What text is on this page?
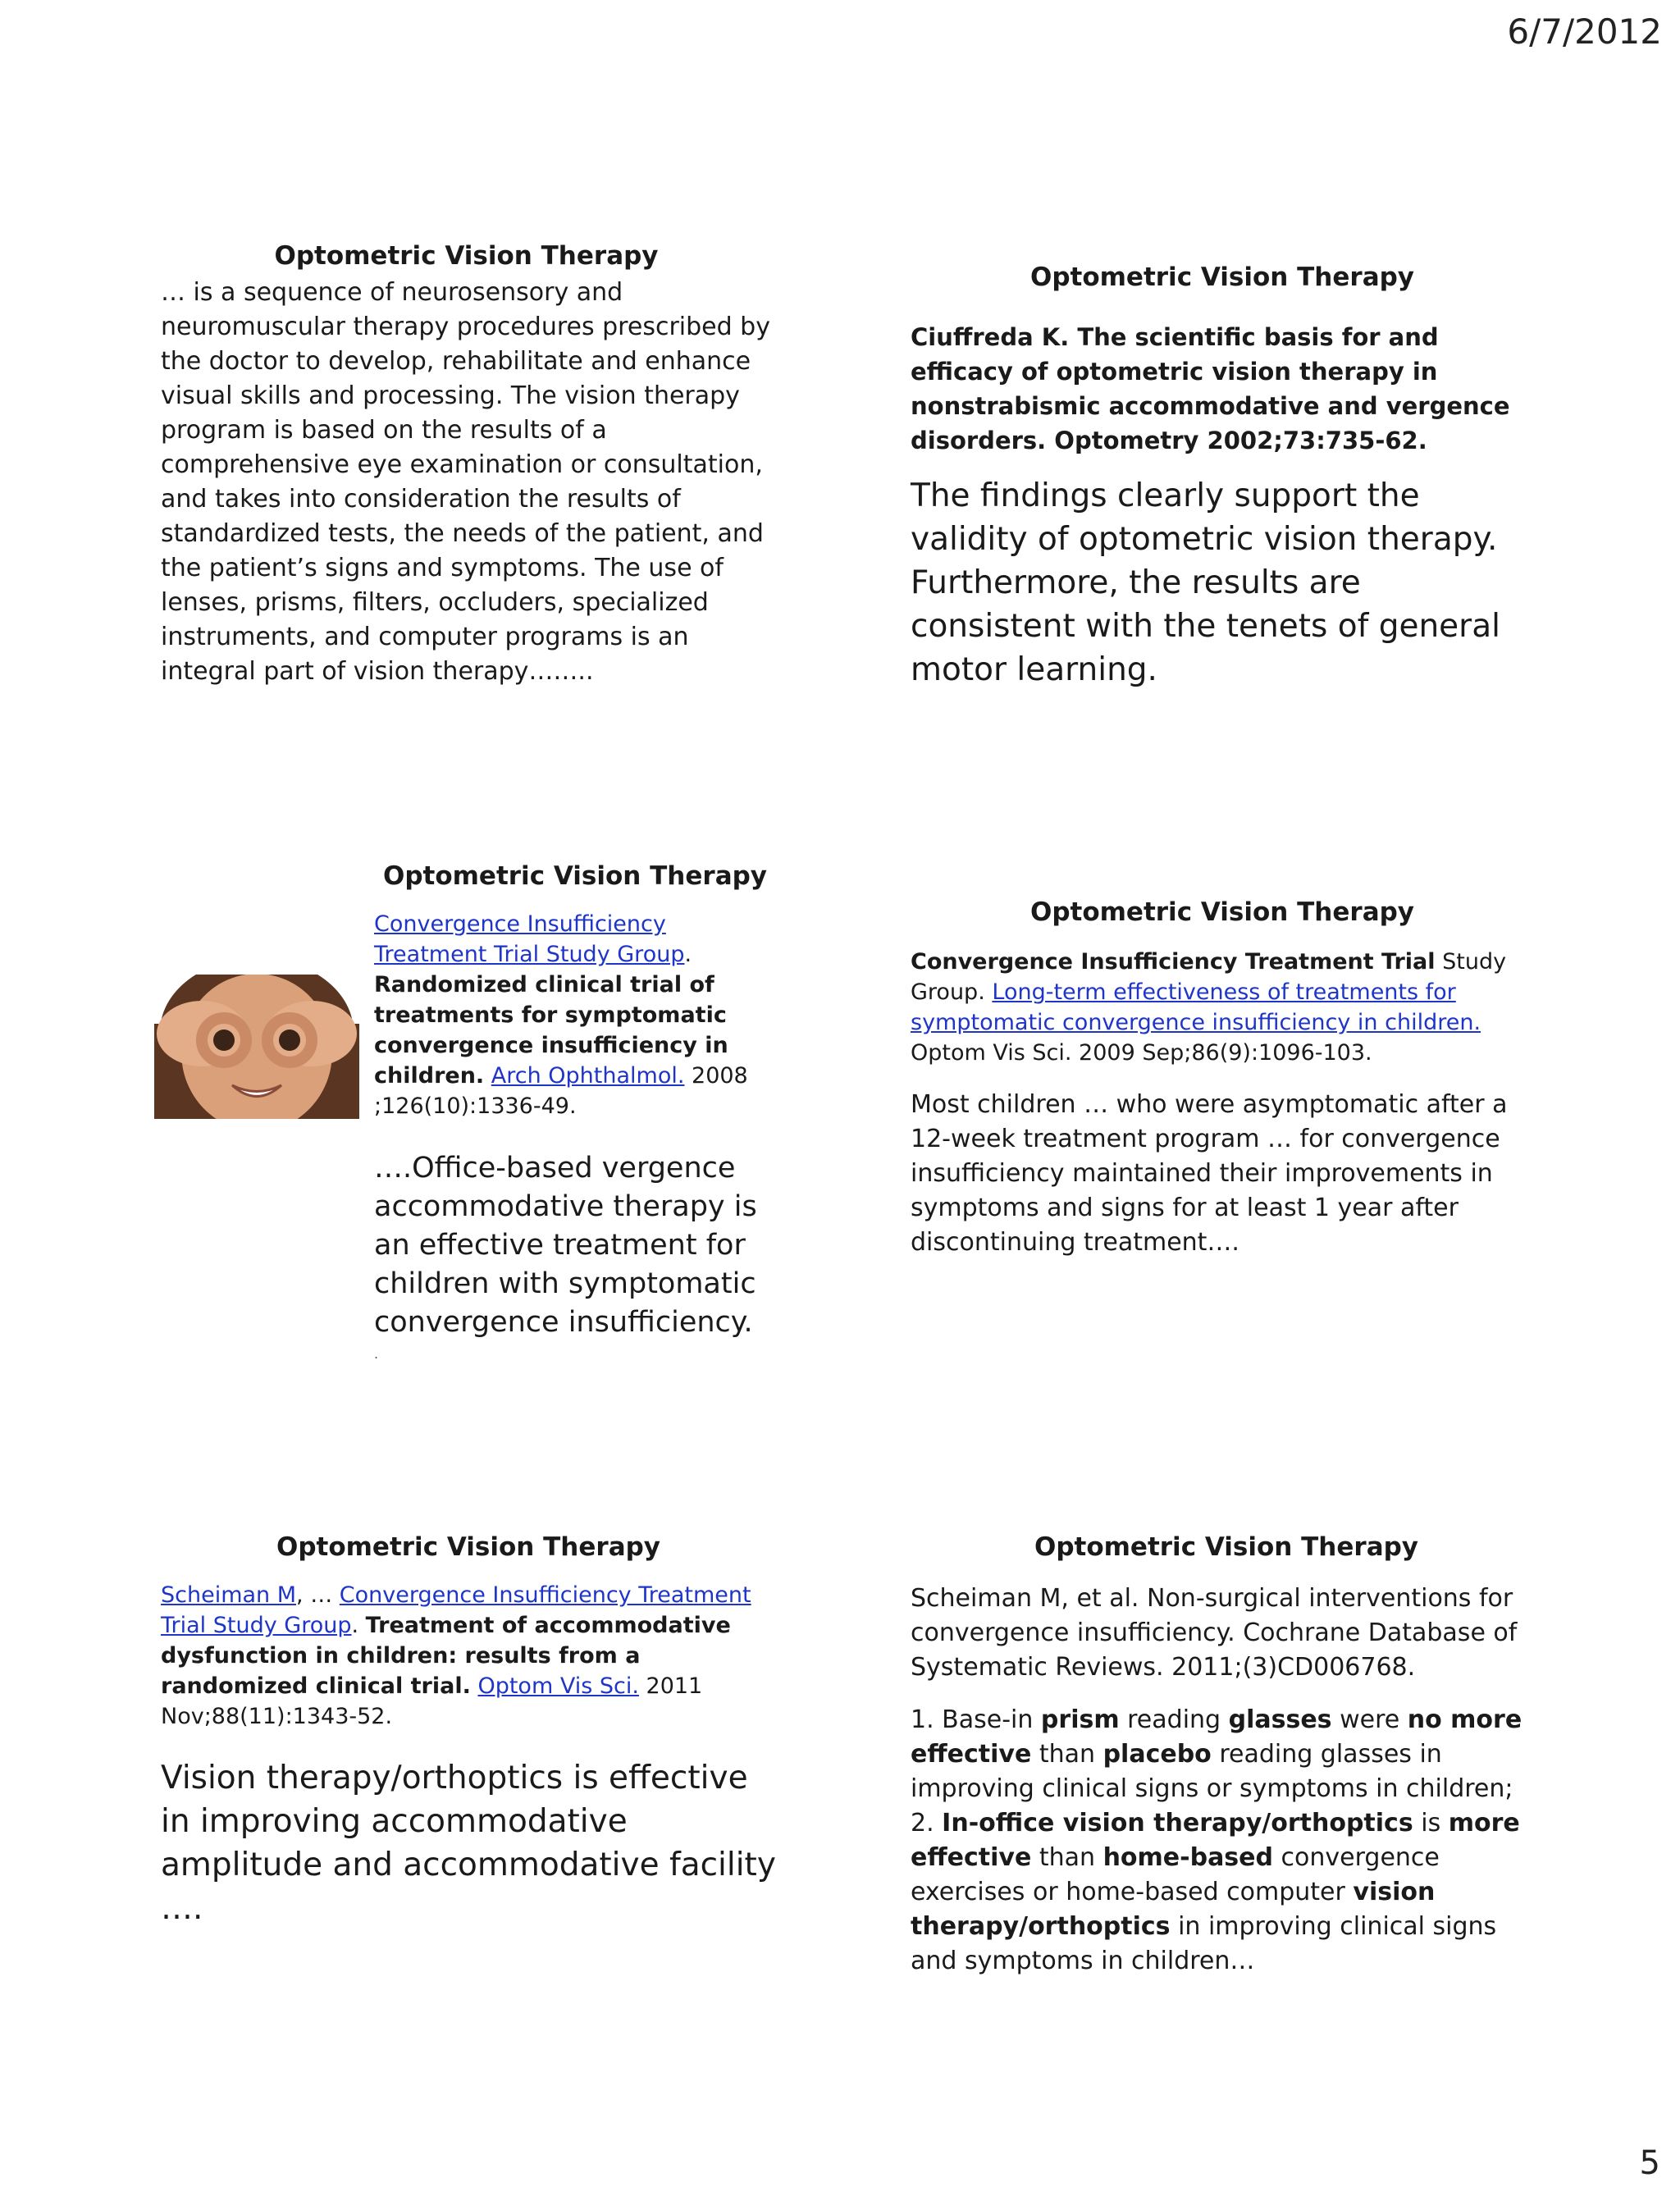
6/7/2012
5
Optometric Vision Therapy

… is a sequence of neurosensory and neuromuscular therapy procedures prescribed by the doctor to develop, rehabilitate and enhance visual skills and processing. The vision therapy program is based on the results of a comprehensive eye examination or consultation, and takes into consideration the results of standardized tests, the needs of the patient, and the patient’s signs and symptoms. The use of lenses, prisms, filters, occluders, specialized instruments, and computer programs is an integral part of vision therapy……..

Optometric Vision Therapy

Ciuffreda K. The scientific basis for and efficacy of optometric vision therapy in nonstrabismic accommodative and vergence disorders. Optometry 2002;73:735-62.

The findings clearly support the validity of optometric vision therapy. Furthermore, the results are consistent with the tenets of general motor learning.

Optometric Vision Therapy

Convergence Insufficiency Treatment Trial Study Group. Randomized clinical trial of treatments for symptomatic convergence insufficiency in children. Arch Ophthalmol. 2008 ;126(10):1336-49.

….Office-based vergence accommodative therapy is an effective treatment for children with symptomatic convergence insufficiency.

.

Optometric Vision Therapy

Convergence Insufficiency Treatment Trial Study Group. Long-term effectiveness of treatments for symptomatic convergence insufficiency in children. Optom Vis Sci. 2009 Sep;86(9):1096-103.

Most children … who were asymptomatic after a 12-week treatment program … for convergence insufficiency maintained their improvements in symptoms and signs for at least 1 year after discontinuing treatment….

Optometric Vision Therapy

Scheiman M, … Convergence Insufficiency Treatment Trial Study Group. Treatment of accommodative dysfunction in children: results from a randomized clinical trial. Optom Vis Sci. 2011 Nov;88(11):1343-52.

Vision therapy/orthoptics is effective in improving accommodative amplitude and accommodative facility ….

Optometric Vision Therapy

Scheiman M, et al. Non-surgical interventions for convergence insufficiency. Cochrane Database of Systematic Reviews. 2011;(3)CD006768.

1. Base-in prism reading glasses were no more effective than placebo reading glasses in improving clinical signs or symptoms in children;

2. In-office vision therapy/orthoptics is more effective than home-based convergence exercises or home-based computer vision therapy/orthoptics in improving clinical signs and symptoms in children…
